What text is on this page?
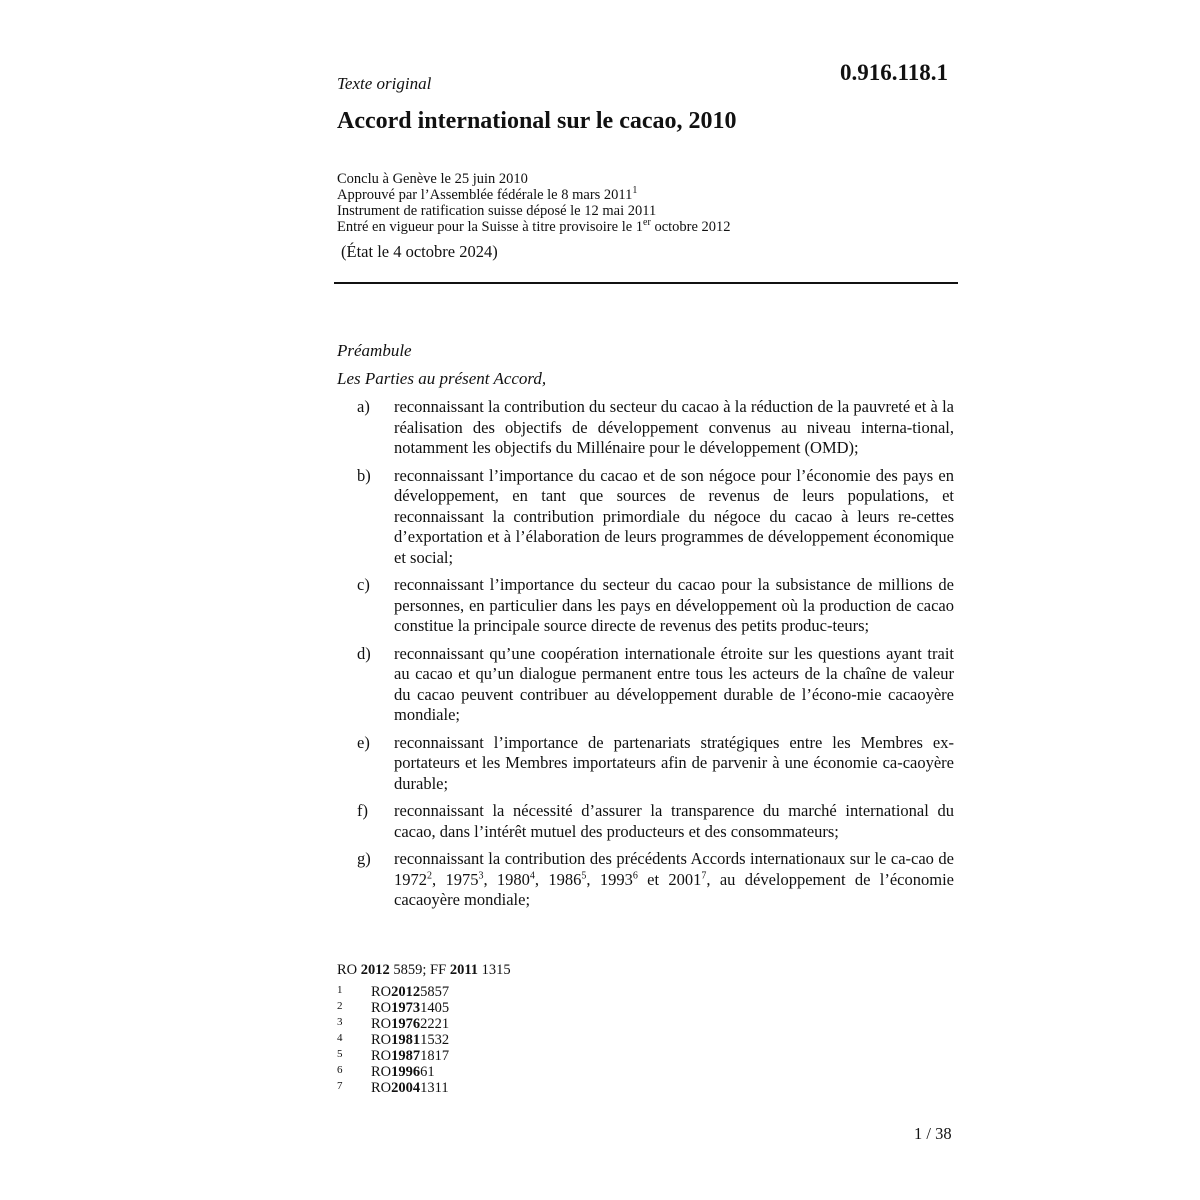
Texte original	0.916.118.1

Accord international sur le cacao, 2010
Conclu à Genève le 25 juin 2010
Approuvé par l’Assemblée fédérale le 8 mars 2011$^1$
Instrument de ratification suisse déposé le 12 mai 2011
Entré en vigueur pour la Suisse à titre provisoire le 1er octobre 2012

(État le 4 octobre 2024)

Préambule

Les Parties au présent Accord,

a)	reconnaissant la contribution du secteur du cacao à la réduction de la pauvreté et à la réalisation des objectifs de développement convenus au niveau interna-tional, notamment les objectifs du Millénaire pour le développement (OMD);
b)	reconnaissant l’importance du cacao et de son négoce pour l’économie des pays en développement, en tant que sources de revenus de leurs populations, et reconnaissant la contribution primordiale du négoce du cacao à leurs re-cettes d’exportation et à l’élaboration de leurs programmes de développement économique et social;
c)	reconnaissant l’importance du secteur du cacao pour la subsistance de millions de personnes, en particulier dans les pays en développement où la production de cacao constitue la principale source directe de revenus des petits produc-teurs;
d)	reconnaissant qu’une coopération internationale étroite sur les questions ayant trait au cacao et qu’un dialogue permanent entre tous les acteurs de la chaîne de valeur du cacao peuvent contribuer au développement durable de l’écono-mie cacaoyère mondiale;
e)	reconnaissant l’importance de partenariats stratégiques entre les Membres ex-portateurs et les Membres importateurs afin de parvenir à une économie ca-caoyère durable;
f)	reconnaissant la nécessité d’assurer la transparence du marché international du cacao, dans l’intérêt mutuel des producteurs et des consommateurs;
g)	reconnaissant la contribution des précédents Accords internationaux sur le ca-cao de 1972$^2$, 1975$^3$, 1980$^4$, 1986$^5$, 1993$^6$ et 2001$^7$, au développement de l’économie cacaoyère mondiale;
RO 2012 5859; FF 2011 1315
1	RO 2012 5857
2	RO 1973 1405
3	RO 1976 2221
4	RO 1981 1532
5	RO 1987 1817
6	RO 1996 61
7	RO 2004 1311

1 / 38
